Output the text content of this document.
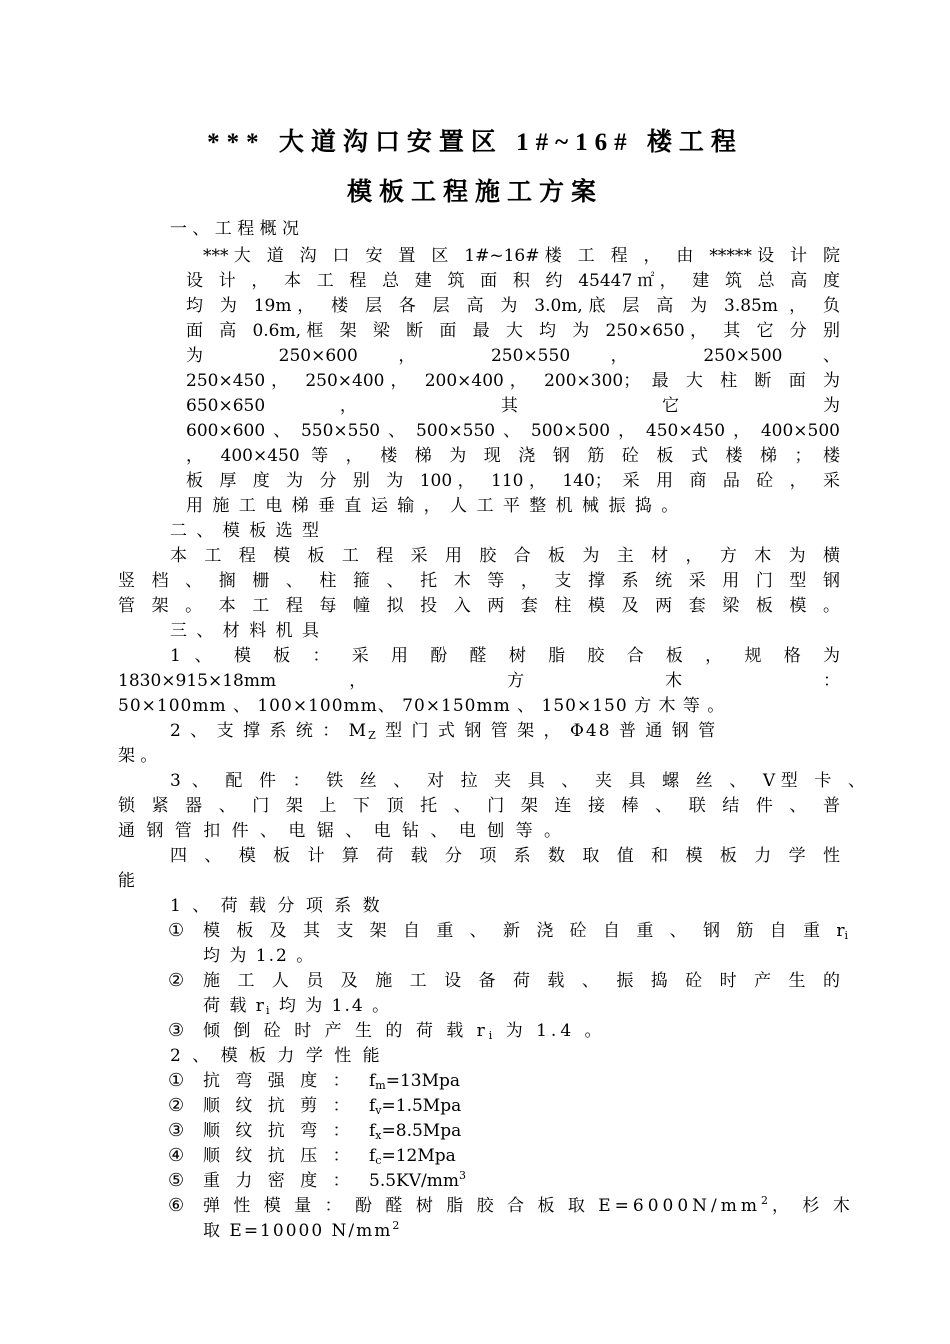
*** 大道沟口安置区 1#~16# 楼工程
模板工程施工方案
一 、 工 程 概 况
***大 道 沟 口 安 置 区 1#~16#楼 工 程 ， 由 *****设 计 院
设 计 ， 本 工 程 总 建 筑 面 积 约 45447㎡， 建 筑 总 高 度
均 为 19m， 楼 层 各 层 高 为 3.0m,底 层 高 为 3.85m ， 负
面 高 0.6m,框 架 梁 断 面 最 大 均 为 250×650， 其 它 分 别
为 250×600 ， 250×550 ， 250×500 、
250×450， 250×400， 200×400， 200×300； 最 大 柱 断 面 为
650×650 ， 其 它 为
600×600 、 550×550 、 500×550 、 500×500 ， 450×450 ， 400×500
， 400×450 等 ， 楼 梯 为 现 浇 钢 筋 砼 板 式 楼 梯 ； 楼
板 厚 度 为 分 别 为 100， 110， 140； 采 用 商 品 砼 ， 采
用 施 工 电 梯 垂 直 运 输 ， 人 工 平 整 机 械 振 捣 。
二 、 模 板 选 型
本 工 程 模 板 工 程 采 用 胶 合 板 为 主 材 ， 方 木 为 横
竖 档 、 搁 栅 、 柱 箍 、 托 木 等 ， 支 撑 系 统 采 用 门 型 钢
管 架 。 本 工 程 每 幢 拟 投 入 两 套 柱 模 及 两 套 梁 板 模 。
三 、 材 料 机 具
1 、 模 板 ： 采 用 酚 醛 树 脂 胶 合 板 ， 规 格 为
1830×915×18mm ， 方 木 ：
50×100mm 、 100×100mm、 70×150mm 、 150×150 方 木 等 。
2 、 支 撑 系 统 ： $M_Z$ 型 门 式 钢 管 架 ， Φ48 普 通 钢 管
架 。
3 、 配 件 ： 铁 丝 、 对 拉 夹 具 、 夹 具 螺 丝 、 V型 卡 、
锁 紧 器 、 门 架 上 下 顶 托 、 门 架 连 接 棒 、 联 结 件 、 普
通 钢 管 扣 件 、 电 锯 、 电 钻 、 电 刨 等 。
四 、 模 板 计 算 荷 载 分 项 系 数 取 值 和 模 板 力 学 性
能
1 、 荷 载 分 项 系 数
① 模 板 及 其 支 架 自 重 、 新 浇 砼 自 重 、 钢 筋 自 重 $r_i$
均 为 1.2 。
② 施 工 人 员 及 施 工 设 备 荷 载 、 振 捣 砼 时 产 生 的
荷 载 $r_i$ 均 为 1.4 。
③ 倾 倒 砼 时 产 生 的 荷 载 $r_i$ 为 1.4 。
2 、 模 板 力 学 性 能
① 抗 弯 强 度 ： $f_m=13Mpa$
② 顺 纹 抗 剪 ： $f_v=1.5Mpa$
③ 顺 纹 抗 弯 ： $f_x=8.5Mpa$
④ 顺 纹 抗 压 ： $f_c=12Mpa$
⑤ 重 力 密 度 ： $5.5KV/mm^3$
⑥ 弹 性 模 量 ： 酚 醛 树 脂 胶 合 板 取 $E=6000N/mm^2$， 杉 木
取 E=10000 $N/mm^2$
